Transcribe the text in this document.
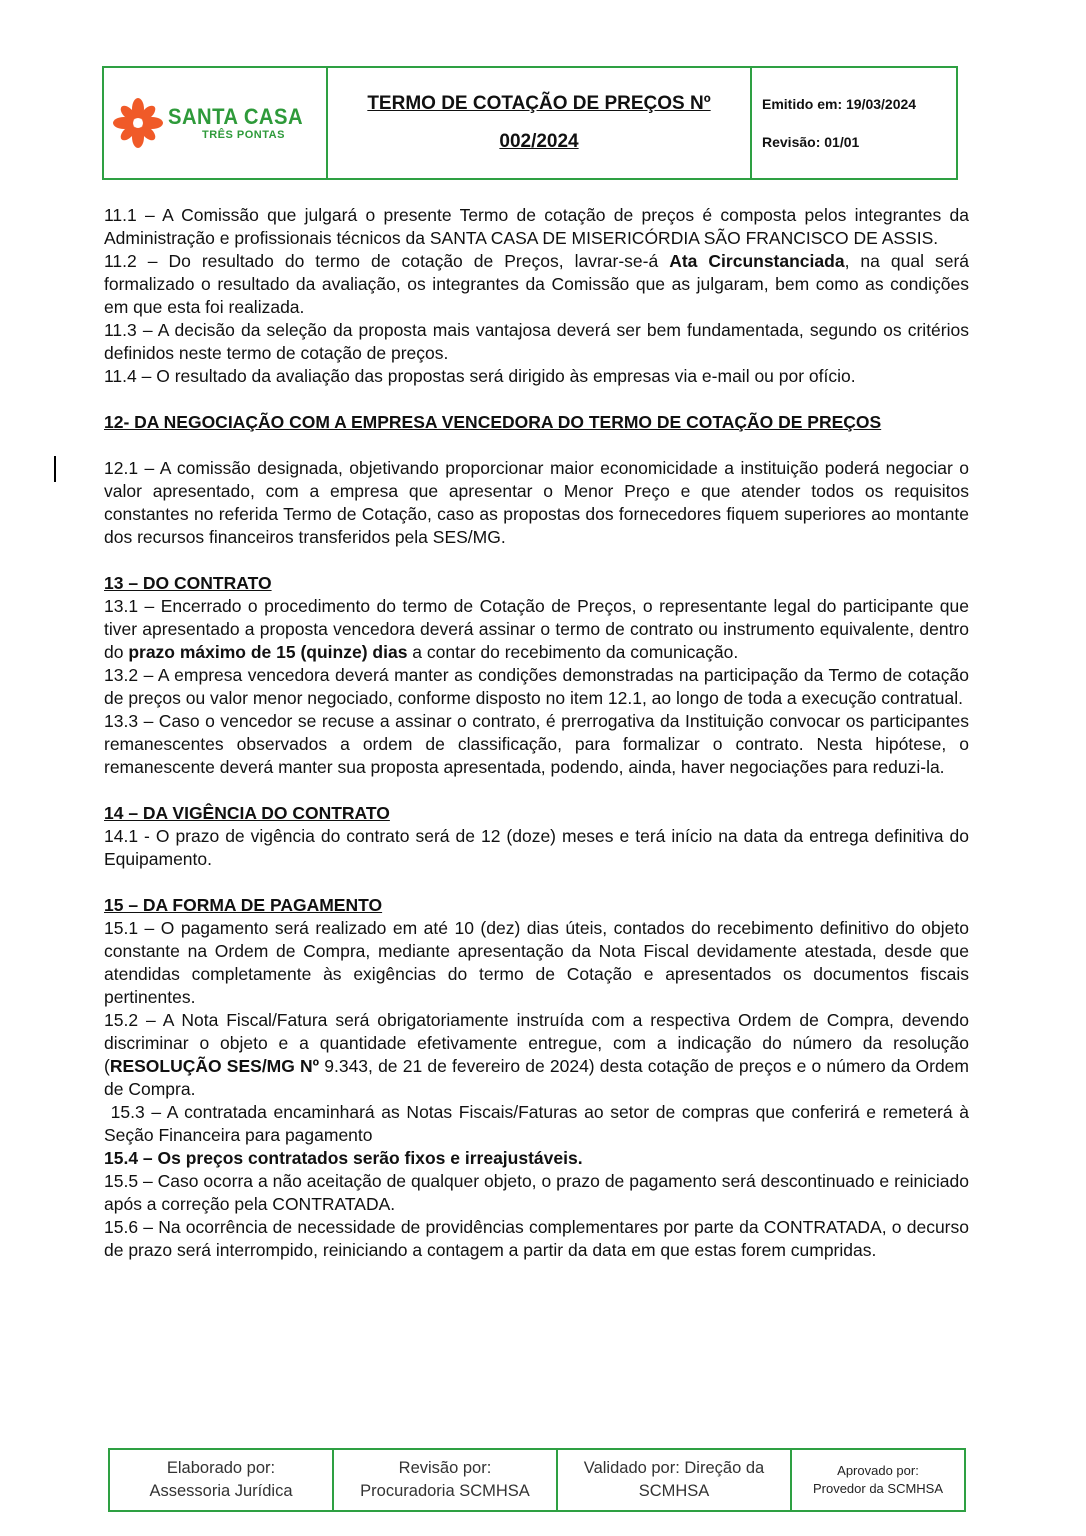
SANTA CASA
TRÊS PONTAS
TERMO DE COTAÇÃO DE PREÇOS Nº
002/2024
Emitido em: 19/03/2024
Revisão: 01/01

11.1 – A Comissão que julgará o presente Termo de cotação de preços é composta pelos integrantes da Administração e profissionais técnicos da SANTA CASA DE MISERICÓRDIA SÃO FRANCISCO DE ASSIS.

11.2 – Do resultado do termo de cotação de Preços, lavrar-se-á Ata Circunstanciada, na qual será formalizado o resultado da avaliação, os integrantes da Comissão que as julgaram, bem como as condições em que esta foi realizada.

11.3 – A decisão da seleção da proposta mais vantajosa deverá ser bem fundamentada, segundo os critérios definidos neste termo de cotação de preços.

11.4 – O resultado da avaliação das propostas será dirigido às empresas via e-mail ou por ofício.

12- DA NEGOCIAÇÃO COM A EMPRESA VENCEDORA DO TERMO DE COTAÇÃO DE PREÇOS

12.1 – A comissão designada, objetivando proporcionar maior economicidade a instituição poderá negociar o valor apresentado, com a empresa que apresentar o Menor Preço e que atender todos os requisitos constantes no referida Termo de Cotação, caso as propostas dos fornecedores fiquem superiores ao montante dos recursos financeiros transferidos pela SES/MG.

13 – DO CONTRATO

13.1 – Encerrado o procedimento do termo de Cotação de Preços, o representante legal do participante que tiver apresentado a proposta vencedora deverá assinar o termo de contrato ou instrumento equivalente, dentro do prazo máximo de 15 (quinze) dias a contar do recebimento da comunicação.

13.2 – A empresa vencedora deverá manter as condições demonstradas na participação da Termo de cotação de preços ou valor menor negociado, conforme disposto no item 12.1, ao longo de toda a execução contratual.

13.3 – Caso o vencedor se recuse a assinar o contrato, é prerrogativa da Instituição convocar os participantes remanescentes observados a ordem de classificação, para formalizar o contrato. Nesta hipótese, o remanescente deverá manter sua proposta apresentada, podendo, ainda, haver negociações para reduzi-la.

14 – DA VIGÊNCIA DO CONTRATO

14.1 - O prazo de vigência do contrato será de 12 (doze) meses e terá início na data da entrega definitiva do Equipamento.

15 – DA FORMA DE PAGAMENTO

15.1 – O pagamento será realizado em até 10 (dez) dias úteis, contados do recebimento definitivo do objeto constante na Ordem de Compra, mediante apresentação da Nota Fiscal devidamente atestada, desde que atendidas completamente às exigências do termo de Cotação e apresentados os documentos fiscais pertinentes.

15.2 – A Nota Fiscal/Fatura será obrigatoriamente instruída com a respectiva Ordem de Compra, devendo discriminar o objeto e a quantidade efetivamente entregue, com a indicação do número da resolução (RESOLUÇÃO SES/MG Nº 9.343, de 21 de fevereiro de 2024) desta cotação de preços e o número da Ordem de Compra.

15.3 – A contratada encaminhará as Notas Fiscais/Faturas ao setor de compras que conferirá e remeterá à Seção Financeira para pagamento

15.4 – Os preços contratados serão fixos e irreajustáveis.

15.5 – Caso ocorra a não aceitação de qualquer objeto, o prazo de pagamento será descontinuado e reiniciado após a correção pela CONTRATADA.

15.6 – Na ocorrência de necessidade de providências complementares por parte da CONTRATADA, o decurso de prazo será interrompido, reiniciando a contagem a partir da data em que estas forem cumpridas.

Elaborado por:
Assessoria Jurídica
Revisão por:
Procuradoria SCMHSA
Validado por: Direção da
SCMHSA
Aprovado por:
Provedor da SCMHSA
